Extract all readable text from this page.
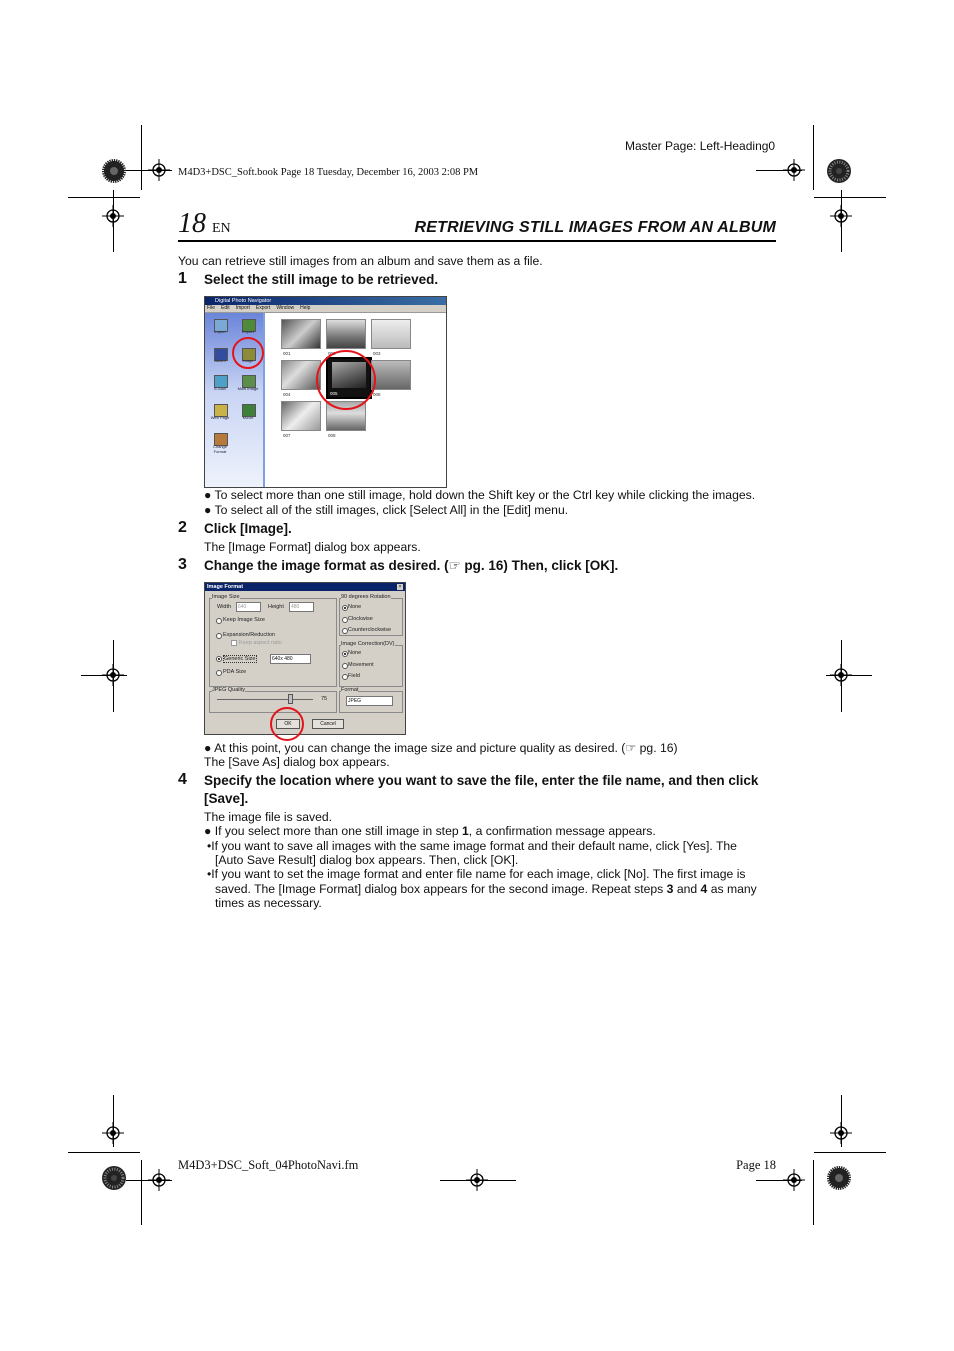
Master Page: Left-Heading0
M4D3+DSC_Soft.book Page 18 Tuesday, December 16, 2003 2:08 PM
18 EN	RETRIEVING STILL IMAGES FROM AN ALBUM
You can retrieve still images from an album and save them as a file.
1 Select the still image to be retrieved.
Digital Photo Navigator
File Edit Import Export Window Help
Import	Export
Album	Image
E-Mail	Multi Image
Web Page	Movie
Change Format
001	002	003
004	005	006
007	008
● To select more than one still image, hold down the Shift key or the Ctrl key while clicking the images.
● To select all of the still images, click [Select All] in the [Edit] menu.
2 Click [Image].
The [Image Format] dialog box appears.
3 Change the image format as desired. (☞ pg. 16) Then, click [OK].
Image Format	×
Image Size
Width	640	Height	480
Keep Image Size
Expansion/Reduction
Keep aspect ratio
Generic Size	640x 480
PDA Size
90 degrees Rotation
None
Clockwise
Counterclockwise
Image Correction(DV)
None
Movement
Field
JPEG Quality
75
Format
JPEG
OK	Cancel
● At this point, you can change the image size and picture quality as desired. (☞ pg. 16)
The [Save As] dialog box appears.
4 Specify the location where you want to save the file, enter the file name, and then click
[Save].
The image file is saved.
● If you select more than one still image in step 1, a confirmation message appears.
•If you want to save all images with the same image format and their default name, click [Yes]. The
[Auto Save Result] dialog box appears. Then, click [OK].
•If you want to set the image format and enter file name for each image, click [No]. The first image is
saved. The [Image Format] dialog box appears for the second image. Repeat steps 3 and 4 as many
times as necessary.
M4D3+DSC_Soft_04PhotoNavi.fm	Page 18
